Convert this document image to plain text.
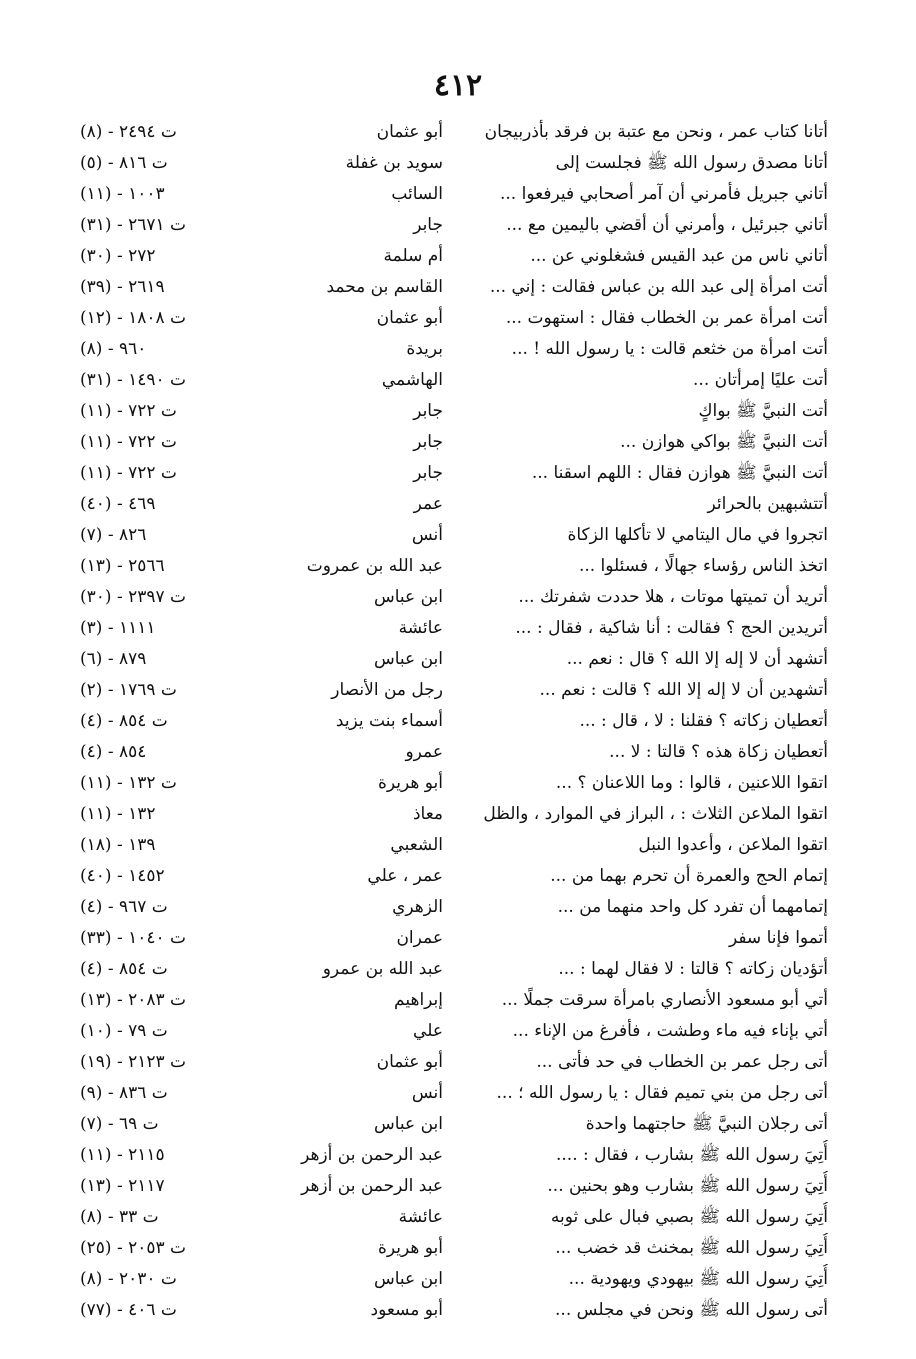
٤١٢
أتانا كتاب عمر ، ونحن مع عتبة بن فرقد بأذربيجان
أبو عثمان
ت ٢٤٩٤ - (٨)
أتانا مصدق رسول الله ﷺ فجلست إلى
سويد بن غفلة
ت ٨١٦ - (٥)
أتاني جبريل فأمرني أن آمر أصحابي فيرفعوا ...
السائب
١٠٠٣ - (١١)
أتاني جبرئيل ، وأمرني أن أقضي باليمين مع ...
جابر
ت ٢٦٧١ - (٣١)
أتاني ناس من عبد القيس فشغلوني عن ...
أم سلمة
٢٧٢ - (٣٠)
أتت امرأة إلى عبد الله بن عباس فقالت : إني ...
القاسم بن محمد
٢٦١٩ - (٣٩)
أتت امرأة عمر بن الخطاب فقال : استهوت ...
أبو عثمان
ت ١٨٠٨ - (١٢)
أتت امرأة من خثعم قالت : يا رسول الله ! ...
بريدة
٩٦٠ - (٨)
أتت عليًا إمرأتان ...
الهاشمي
ت ١٤٩٠ - (٣١)
أتت النبيَّ ﷺ بواكٍ
جابر
ت ٧٢٢ - (١١)
أتت النبيَّ ﷺ بواكي هوازن ...
جابر
ت ٧٢٢ - (١١)
أتت النبيَّ ﷺ هوازن فقال : اللهم اسقنا ...
جابر
ت ٧٢٢ - (١١)
أتتشبهين بالحرائر
عمر
٤٦٩ - (٤٠)
اتجروا في مال اليتامي لا تأكلها الزكاة
أنس
٨٢٦ - (٧)
اتخذ الناس رؤساء جهالًا ، فسئلوا ...
عبد الله بن عمروت
٢٥٦٦ - (١٣)
أتريد أن تميتها موتات ، هلا حددت شفرتك ...
ابن عباس
ت ٢٣٩٧ - (٣٠)
أتريدين الحج ؟ فقالت : أنا شاكية ، فقال : ...
عائشة
١١١١ - (٣)
أتشهد أن لا إله إلا الله ؟ قال : نعم ...
ابن عباس
٨٧٩ - (٦)
أتشهدين أن لا إله إلا الله ؟ قالت : نعم ...
رجل من الأنصار
ت ١٧٦٩ - (٢)
أتعطيان زكاته ؟ فقلنا : لا ، قال : ...
أسماء بنت يزيد
ت ٨٥٤ - (٤)
أتعطيان زكاة هذه ؟ قالتا : لا ...
عمرو
٨٥٤ - (٤)
اتقوا اللاعنين ، قالوا : وما اللاعنان ؟ ...
أبو هريرة
ت ١٣٢ - (١١)
اتقوا الملاعن الثلاث : ، البراز في الموارد ، والظل
معاذ
١٣٢ - (١١)
اتقوا الملاعن ، وأعدوا النبل
الشعبي
١٣٩ - (١٨)
إتمام الحج والعمرة أن تحرم بهما من ...
عمر ، علي
١٤٥٢ - (٤٠)
إتمامهما أن تفرد كل واحد منهما من ...
الزهري
ت ٩٦٧ - (٤)
أتموا فإنا سفر
عمران
ت ١٠٤٠ - (٣٣)
أتؤديان زكاته ؟ قالتا : لا فقال لهما : ...
عبد الله بن عمرو
ت ٨٥٤ - (٤)
أتي أبو مسعود الأنصاري بامرأة سرقت جملًا ...
إبراهيم
ت ٢٠٨٣ - (١٣)
أتي بإناء فيه ماء وطشت ، فأفرغ من الإناء ...
علي
ت ٧٩ - (١٠)
أتى رجل عمر بن الخطاب في حد فأتى ...
أبو عثمان
ت ٢١٢٣ - (١٩)
أتى رجل من بني تميم فقال : يا رسول الله ؛ ...
أنس
ت ٨٣٦ - (٩)
أتى رجلان النبيَّ ﷺ حاجتهما واحدة
ابن عباس
ت ٦٩ - (٧)
أُتِيَ رسول الله ﷺ بشارب ، فقال : ....
عبد الرحمن بن أزهر
٢١١٥ - (١١)
أُتِيَ رسول الله ﷺ بشارب وهو بحنين ...
عبد الرحمن بن أزهر
٢١١٧ - (١٣)
أُتِيَ رسول الله ﷺ بصبي فبال على ثوبه
عائشة
ت ٣٣ - (٨)
أُتِيَ رسول الله ﷺ بمخنث قد خضب ...
أبو هريرة
ت ٢٠٥٣ - (٢٥)
أُتِيَ رسول الله ﷺ بيهودي ويهودية ...
ابن عباس
ت ٢٠٣٠ - (٨)
أتى رسول الله ﷺ ونحن في مجلس ...
أبو مسعود
ت ٤٠٦ - (٧٧)
